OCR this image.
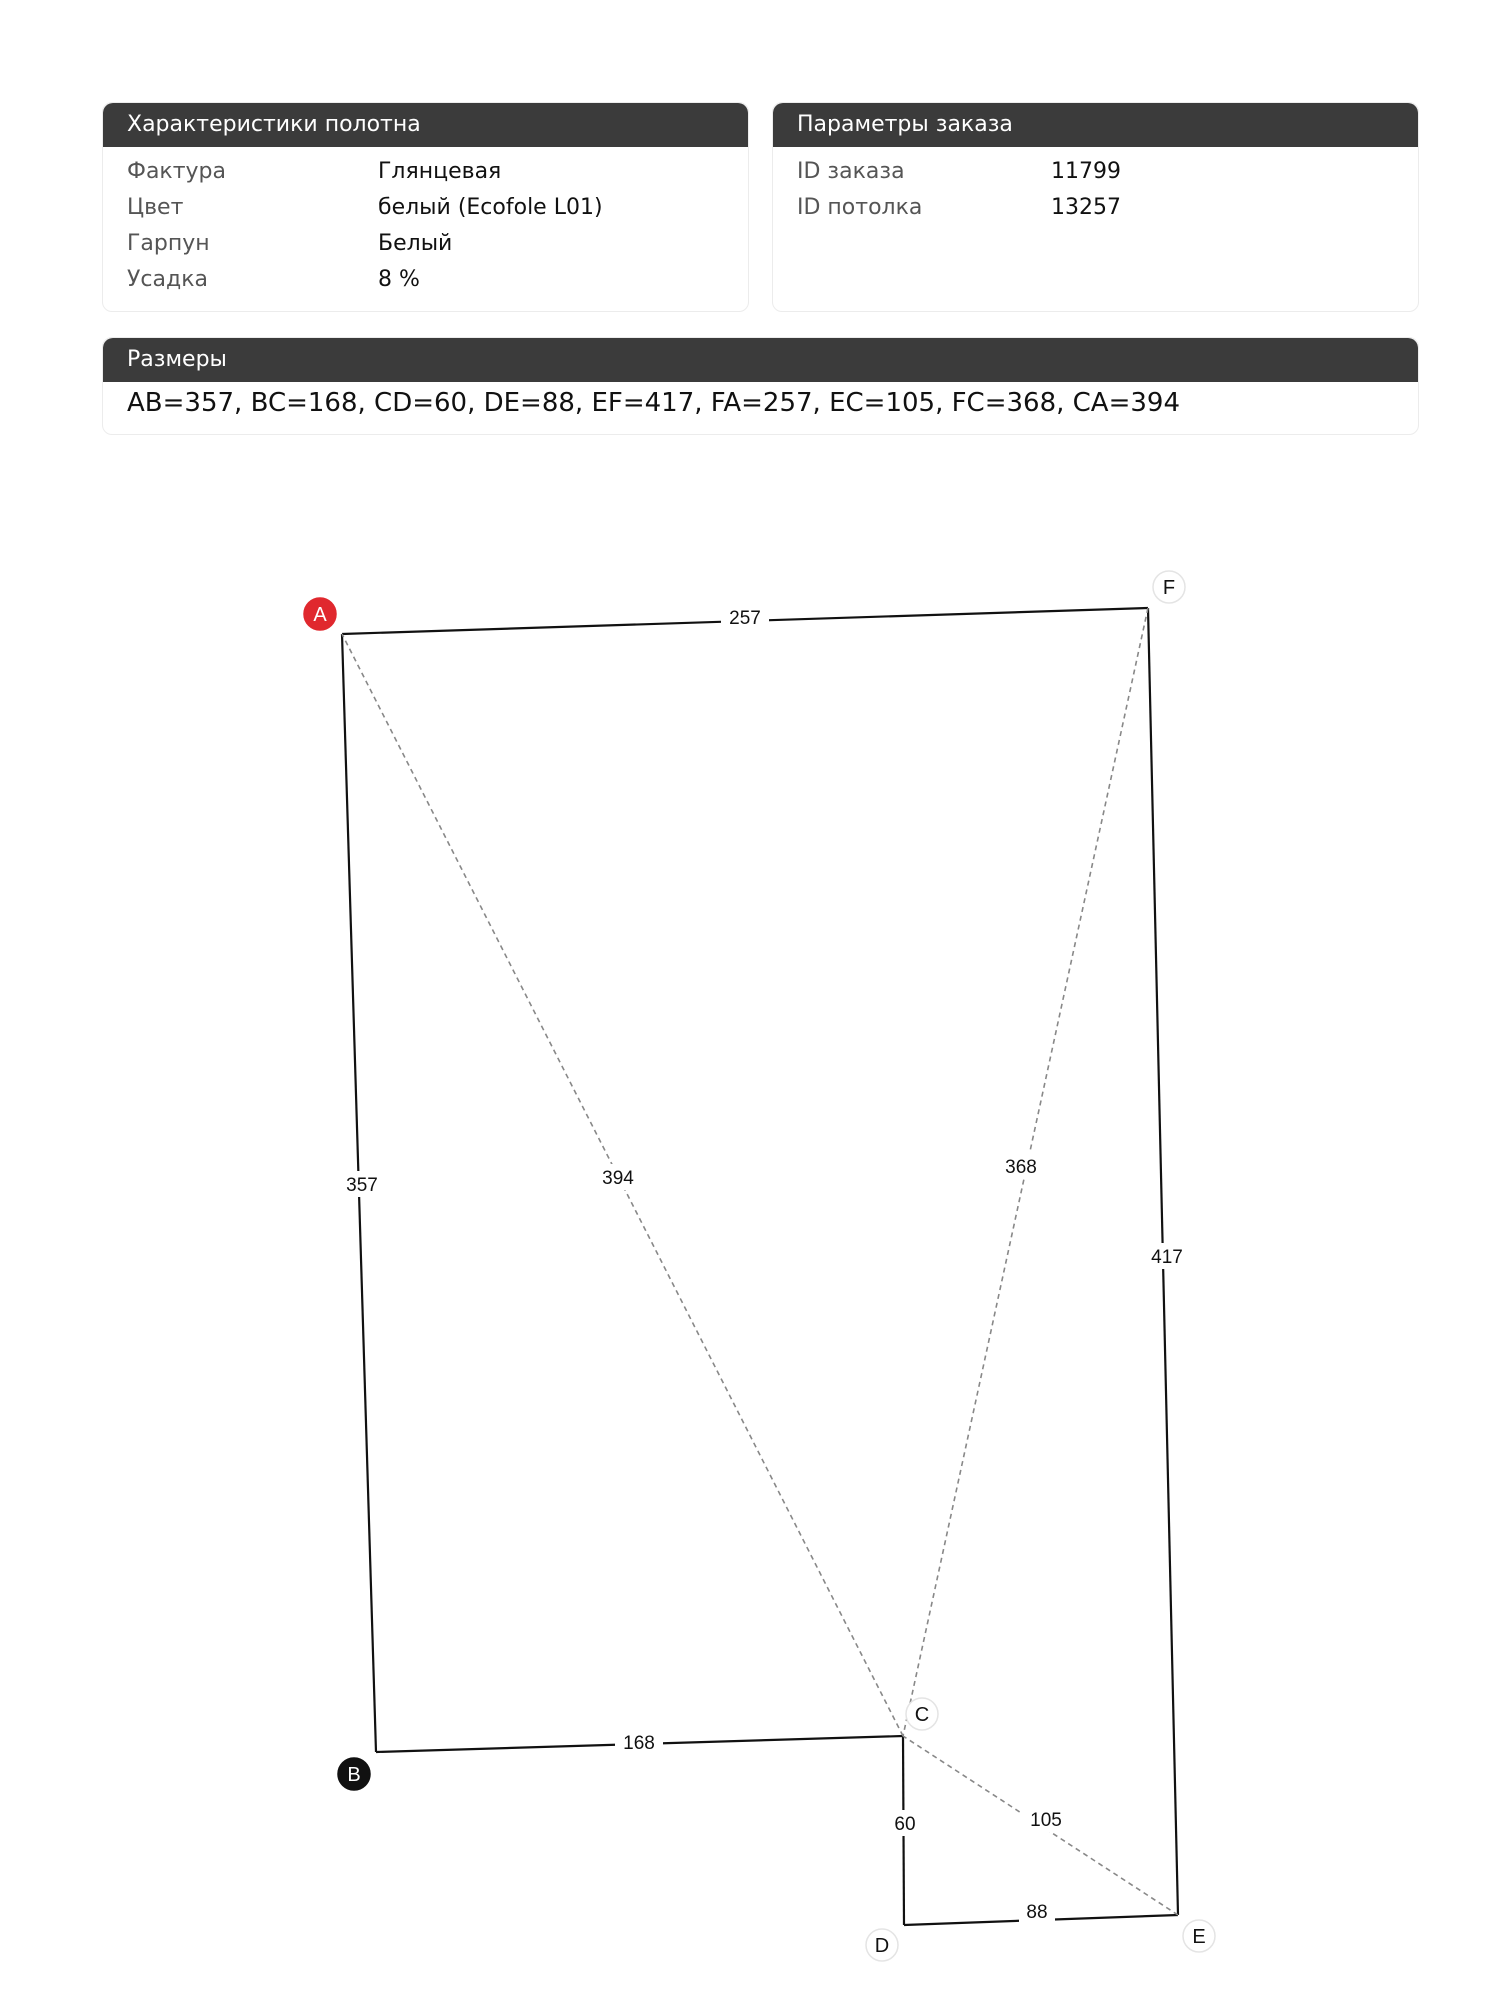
Характеристики полотна
Фактура	Глянцевая
Цвет	белый (Ecofole L01)
Гарпун	Белый
Усадка	8 %
Параметры заказа
ID заказа	11799
ID потолка	13257
Размеры
AB=357, BC=168, CD=60, DE=88, EF=417, FA=257, EC=105, FC=368, CA=394
357
168
60
88
417
257
105
368
394
A
B
C
D	E
F
